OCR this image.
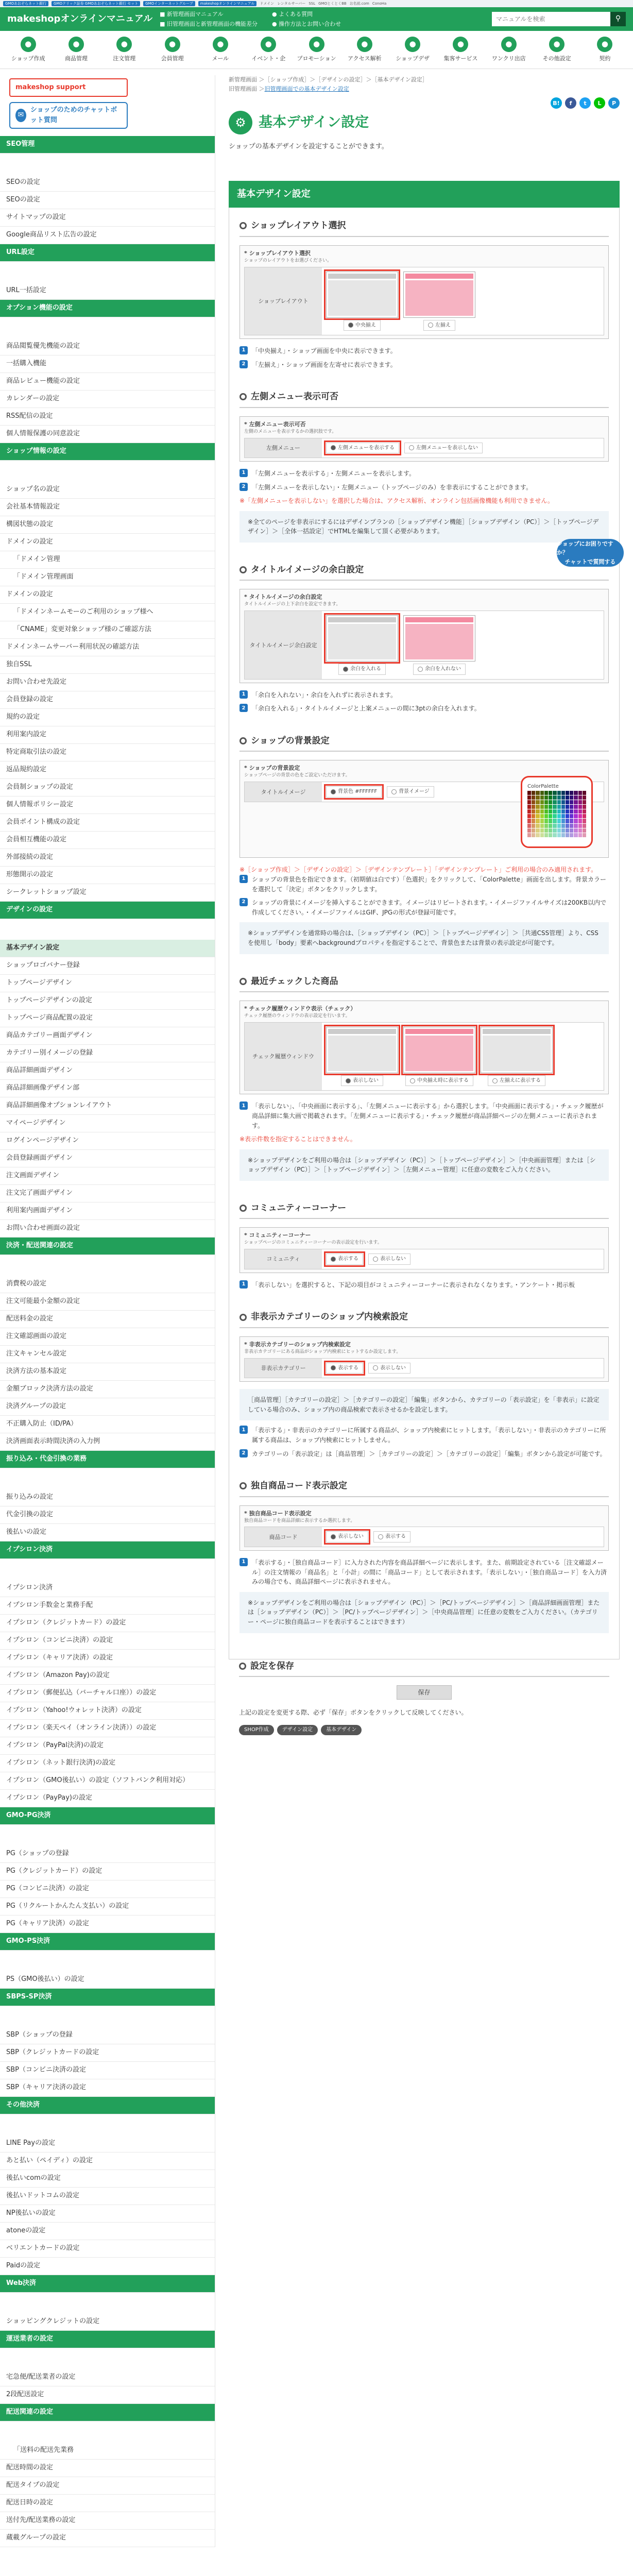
GMOあおぞらネット銀行	GMOクリック証券 GMOあおぞらネット銀行 セット	GMOインターネットグループ	makeshopオンラインマニュアル	ドメイン レンタルサーバー SSL GMOとくとくBB お名前.com ConoHa
makeshopオンラインマニュアル ■ 新管理画面マニュアル
■ 旧管理画面と新管理画面の機能差分
● よくある質問
● 操作方法とお問い合わせ
マニュアルを検索
⚲
●
ショップ作成
●
商品管理
●
注文管理
●
会員管理
●
メール
●
イベント・企
●
プロモーション
●
アクセス解析
●
ショップデザ
●
集客サービス
●
ワンクリ出店
●
その他設定
●
契約
makeshop support
✉
ショップのためのチャットボット質問
SEO管理
SEOの設定
SEOの設定
サイトマップの設定
Google商品リスト広告の設定
URL設定
URL一括設定
オプション機能の設定
商品閲覧優先機能の設定
一括購入機能
商品レビュー機能の設定
カレンダーの設定
RSS配信の設定
個人情報保護の同意設定
ショップ情報の設定
ショップ名の設定
会社基本情報設定
構図状態の設定
ドメインの設定
「ドメイン管理
「ドメイン管理画面
ドメインの設定
「ドメインネームモーのご利用のショップ様へ
「CNAME」変更対象ショップ様のご確認方法
ドメインネームサーバー利用状況の確認方法
独自SSL
お問い合わせ先設定
会員登録の設定
規約の設定
利用案内設定
特定商取引法の設定
返品規約設定
会員制ショップの設定
個人情報ポリシー設定
会員ポイント構成の設定
会員相互機能の設定
外部接続の設定
形態開示の設定
シークレットショップ設定
デザインの設定
基本デザイン設定
ショップロゴバナー登録
トップページデザイン
トップページデザインの設定
トップページ商品配置の設定
商品カテゴリー画面デザイン
カテゴリー別イメージの登録
商品詳細画面デザイン
商品詳細画像デザイン部
商品詳細画像オプションレイアウト
マイページデザイン
ログインページデザイン
会員登録画面デザイン
注文画面デザイン
注文完了画面デザイン
利用案内画面デザイン
お問い合わせ画面の設定
決済・配送関連の設定
消費税の設定
注文可能最小金額の設定
配送料金の設定
注文確認画面の設定
注文キャンセル設定
決済方法の基本設定
金額ブロック決済方法の設定
決済グループの設定
不正購入防止（ID/PA）
決済画面表示時間決済の入力例
振り込み・代金引換の業務
振り込みの設定
代金引換の設定
後払いの設定
イプシロン決済
イプシロン決済
イプシロン手数金と業務手配
イプシロン（クレジットカード）の設定
イプシロン（コンビニ決済）の設定
イプシロン（キャリア決済）の設定
イプシロン（Amazon Pay)の設定
イプシロン（郵便払込（バーチャル口座））の設定
イプシロン（Yahoo!ウォレット決済）の設定
イプシロン（楽天ペイ（オンライン決済））の設定
イプシロン（PayPal決済)の設定
イプシロン（ネット銀行決済)の設定
イプシロン（GMO後払い）の設定（ソフトバンク利用対応）
イプシロン（PayPay)の設定
GMO-PG決済
PG（ショップの登録
PG（クレジットカード）の設定
PG（コンビニ決済）の設定
PG（リクルートかんたん支払い）の設定
PG（キャリア決済）の設定
GMO-PS決済
PS（GMO後払い）の設定
SBPS-SP決済
SBP（ショップの登録
SBP（クレジットカードの設定
SBP（コンビニ決済の設定
SBP（キャリア決済の設定
その他決済
LINE Payの設定
あと払い（ペイディ）の設定
後払いcomの設定
後払いドットコムの設定
NP後払いの設定
atoneの設定
ベリエントカードの設定
Paidの設定
Web決済
ショッピングクレジットの設定
運送業者の設定
宅急便/配送業者の設定
2段配送設定
配送関連の設定
「送料の配送先業務
配送時間の設定
配送タイプの設定
配送日時の設定
送付先/配送業務の設定
蔵載グループの設定
新管理画面 ＞［ショップ作成］＞［デザインの設定］＞［基本デザイン設定］
旧管理画面 ＞旧管理画面での基本デザイン設定
B!	f	t	L	P
⚙ 基本デザイン設定

ショップの基本デザインを設定することができます。

基本デザイン設定
ショップレイアウト選択
* ショップレイアウト選択
ショップのレイアウトをお選びください。
ショップレイアウト
中央揃え	左揃え
1	「中央揃え」・ショップ画面を中央に表示できます。
2	「左揃え」・ショップ画面を左寄せに表示できます。
左側メニュー表示可否
* 左側メニュー表示可否
左側のメニューを表示するかの選択肢です。
左側メニュー	左側メニューを表示する	左側メニューを表示しない
1	「左側メニューを表示する」・左側メニューを表示します。
2	「左側メニューを表示しない」・左側メニュー（トップページのみ）を非表示にすることができます。

※「左側メニューを表示しない」を選択した場合は、アクセス解析、オンライン包括画像機能も利用できません。

※全てのページを非表示にするにはデザインプランの［ショップデザイン機能］［ショップデザイン（PC）］＞［トップページデザイン］＞［全体一括設定］でHTMLを編集して頂く必要があります。
タイトルイメージの余白設定
* タイトルイメージの余白設定
タイトルイメージの上下余白を設定できます。
タイトルイメージ余白設定
余白を入れる	余白を入れない
1	「余白を入れない」・余白を入れずに表示されます。
2	「余白を入れる」・タイトルイメージと上案メニューの間に3ptの余白を入れます。
ショップの背景設定
* ショップの背景設定
ショップページの背景の色をご設定いただけます。
タイトルイメージ	背景色 #FFFFFF	背景イメージ
ColorPalette

※［ショップ作成］＞［デザインの設定］＞［デザインテンプレート］「デザインテンプレート」ご利用の場合のみ適用されます。

1	ショップの背景色を指定できます。（初期値は白です）「色選択」をクリックして、「ColorPalette」画面を出します。背景カラーを選択して「決定」ボタンをクリックします。
2	ショップの背景にイメージを挿入することができます。イメージはリピートされます。・イメージファイルサイズは200KB以内で作成してください。・イメージファイルはGIF、JPGの形式が登録可能です。
※ショップデザインを通常時の場合は、［ショップデザイン（PC）］＞［トップページデザイン］＞［共通CSS管理］より、CSSを使用し「body」要素へbackgroundプロパティを指定することで、背景色または背景の表示設定が可能です。
最近チェックした商品
* チェック履歴ウィンドウ表示（チェック）
チェック履歴のウィンドウの表示設定を行います。
チェック履歴ウィンドウ
表示しない	中央揃え時に表示する	左揃えに表示する
1	「表示しない」、「中央画面に表示する」、「左側メニューに表示する」から選択します。「中央画面に表示する」・チェック履歴が商品詳細に集大画で掲載されます。「左側メニューに表示する」・チェック履歴が商品詳細ページの左側メニューに表示されます。

※表示件数を指定することはできません。

※ショップデザインをご利用の場合は［ショップデザイン（PC）］＞［トップページデザイン］＞［中央画面管理］または［ショップデザイン（PC）］＞［トップページデザイン］＞［左側メニュー管理］に任意の変数をご入力ください。
コミュニティーコーナー
* コミュニティーコーナー
ショップページのコミュニティーコーナーの表示設定を行います。
コミュニティ	表示する	表示しない
1	「表示しない」を選択すると、下記の項目がコミュニティーコーナーに表示されなくなります。・アンケート・掲示板
非表示カテゴリーのショップ内検索設定
* 非表示カテゴリーのショップ内検索設定
非表示カテゴリーにある商品がショップ内検索にヒットするか設定します。
非表示カテゴリー	表示する	表示しない
［商品管理］［カテゴリーの設定］＞［カテゴリーの設定］「編集」ボタンから、カテゴリーの「表示設定」を「非表示」に設定している場合のみ、ショップ内の商品検索で表示させるかを設定します。
1	「表示する」・非表示のカテゴリーに所属する商品が、ショップ内検索にヒットします。「表示しない」・非表示のカテゴリーに所属する商品は、ショップ内検索にヒットしません。
2	カテゴリーの「表示設定」は［商品管理］＞［カテゴリーの設定］＞［カテゴリーの設定］「編集」ボタンから設定が可能です。
独自商品コード表示設定
* 独自商品コード表示設定
独自商品コードを商品詳細に表示するか選択します。
商品コード	表示しない	表示する
1	「表示する」・［独自商品コード］に入力された内容を商品詳細ページに表示します。また、前期設定されている［注文確認メール］の注文情報の「商品名」と「小計」の間に「商品コード」として表示されます。「表示しない」・［独自商品コード］を入力済みの場合でも、商品詳細ページに表示されません。
※ショップデザインをご利用の場合は［ショップデザイン（PC）］＞［PC/トップページデザイン］＞［商品詳細画面管理］または［ショップデザイン（PC）］＞［PC/トップページデザイン］＞［中央商品管理］に任意の変数をご入力ください。（カテゴリー・ページに独自商品コードを表示することはできます）
設定を保存
保存

上記の設定を変更する際、必ず「保存」ボタンをクリックして反映してください。

SHOP作成	デザイン設定	基本デザイン
ショップにお困りですか？
チャットで質問する
